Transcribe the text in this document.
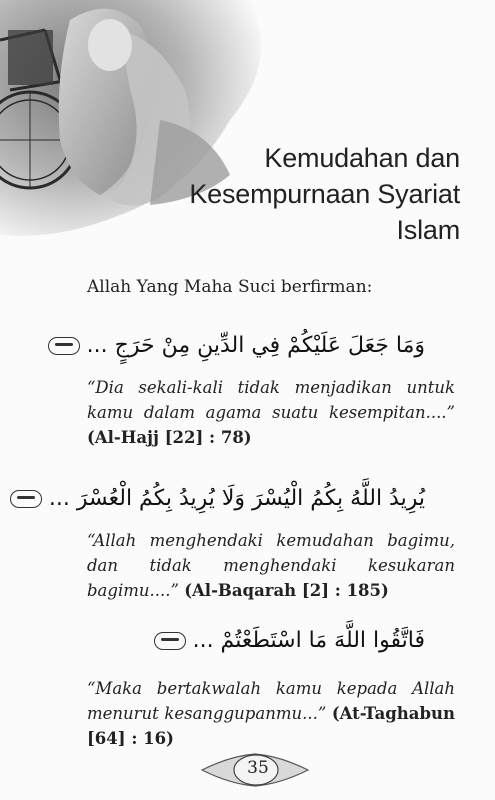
Kemudahan dan
Kesempurnaan Syariat Islam
Allah Yang Maha Suci berfirman:
وَمَا جَعَلَ عَلَيْكُمْ فِي الدِّينِ مِنْ حَرَجٍ ...
“Dia sekali-kali tidak menjadikan untuk kamu dalam agama suatu kesempitan....” (Al-Hajj [22] : 78)
يُرِيدُ اللَّهُ بِكُمُ الْيُسْرَ وَلَا يُرِيدُ بِكُمُ الْعُسْرَ ...
“Allah menghendaki kemudahan bagimu, dan tidak menghendaki kesukaran bagimu....” (Al-Baqarah [2] : 185)
فَاتَّقُوا اللَّهَ مَا اسْتَطَعْتُمْ ...
“Maka bertakwalah kamu kepada Allah menurut kesanggupanmu...” (At-Taghabun [64] : 16)
35
